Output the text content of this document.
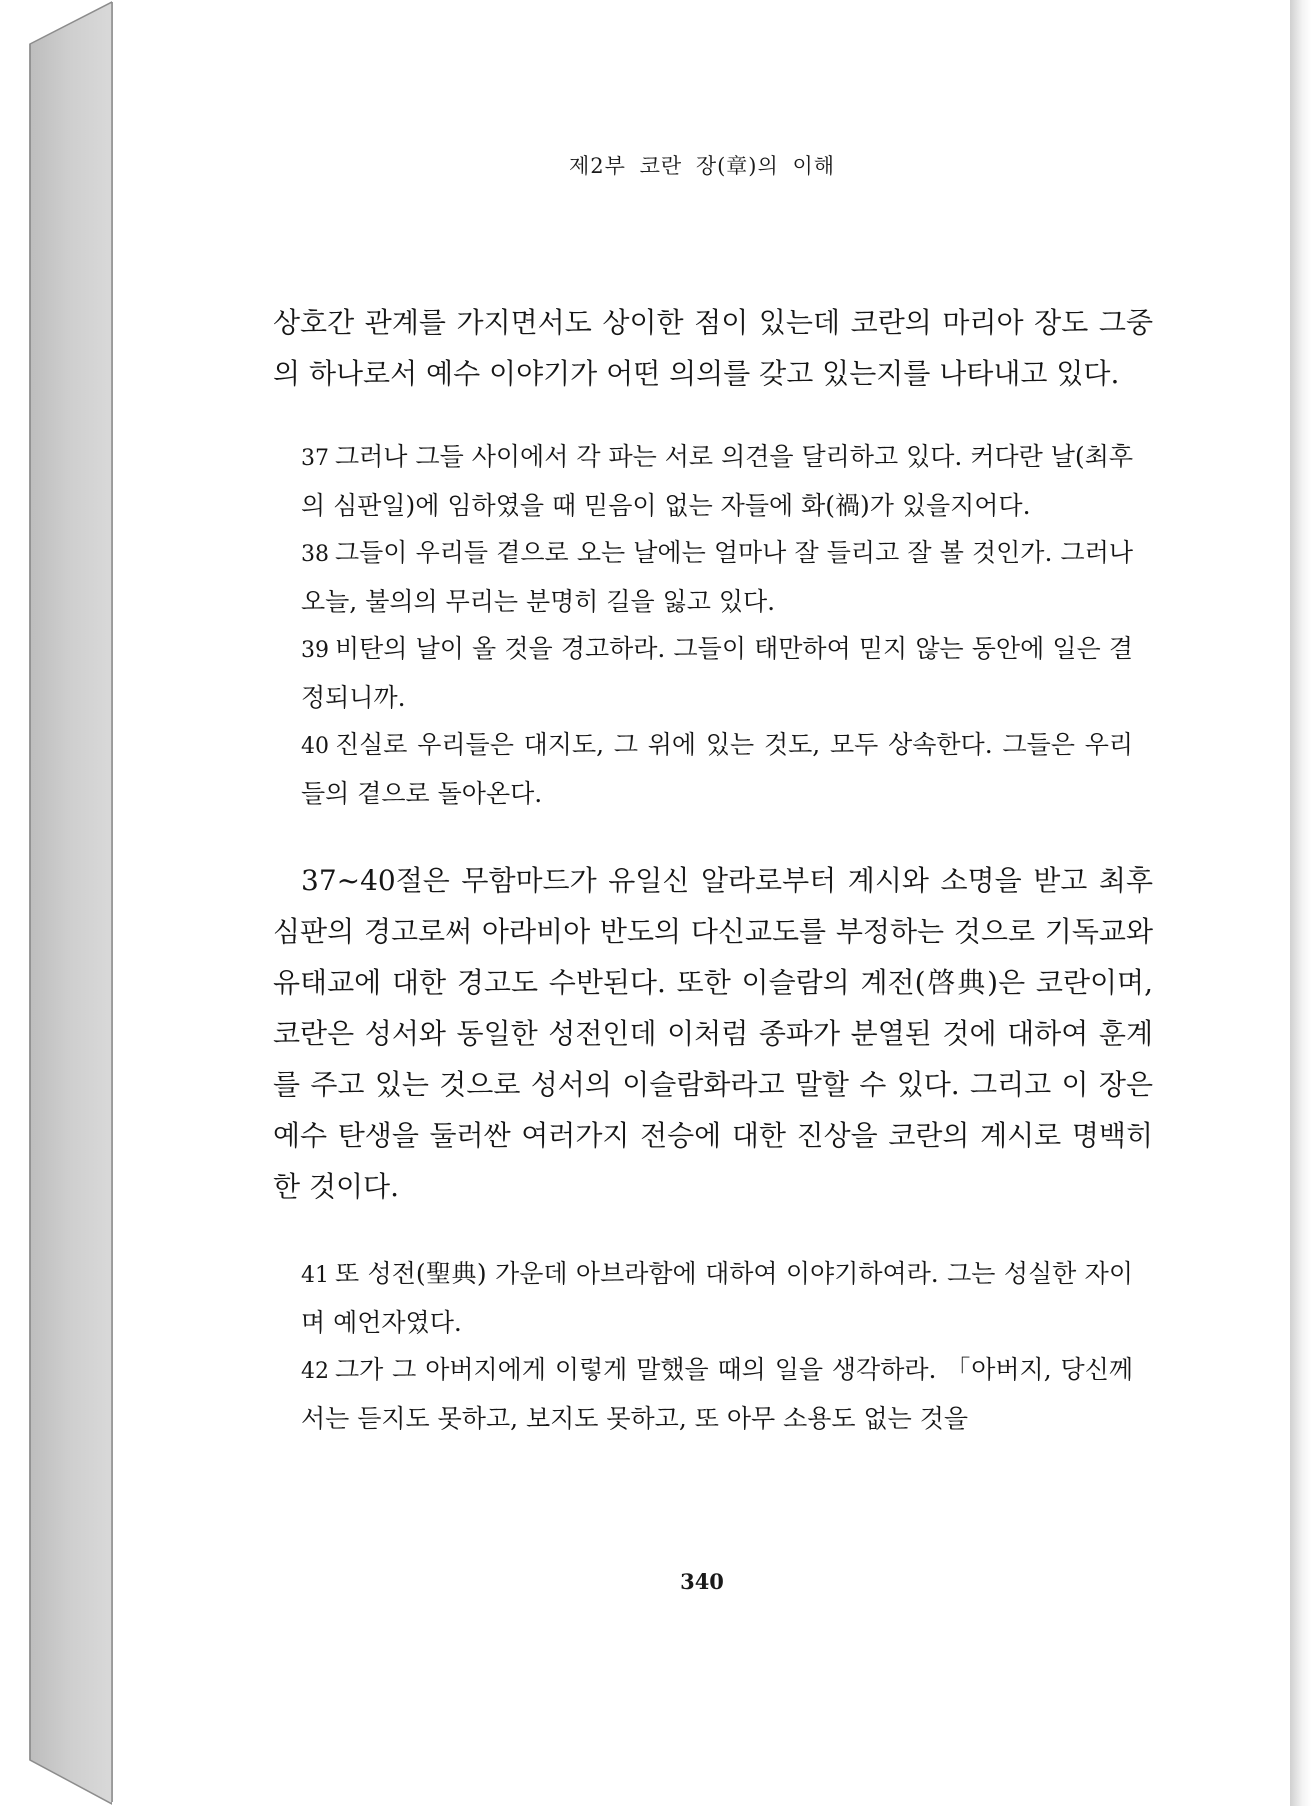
제2부 코란 장(章)의 이해

상호간 관계를 가지면서도 상이한 점이 있는데 코란의 마리아 장도 그중의 하나로서 예수 이야기가 어떤 의의를 갖고 있는지를 나타내고 있다.

37 그러나 그들 사이에서 각 파는 서로 의견을 달리하고 있다. 커다란 날(최후의 심판일)에 임하였을 때 믿음이 없는 자들에 화(禍)가 있을지어다.

38 그들이 우리들 곁으로 오는 날에는 얼마나 잘 들리고 잘 볼 것인가. 그러나 오늘, 불의의 무리는 분명히 길을 잃고 있다.

39 비탄의 날이 올 것을 경고하라. 그들이 태만하여 믿지 않는 동안에 일은 결정되니까.

40 진실로 우리들은 대지도, 그 위에 있는 것도, 모두 상속한다. 그들은 우리들의 곁으로 돌아온다.

37~40절은 무함마드가 유일신 알라로부터 계시와 소명을 받고 최후 심판의 경고로써 아라비아 반도의 다신교도를 부정하는 것으로 기독교와 유태교에 대한 경고도 수반된다. 또한 이슬람의 계전(啓典)은 코란이며, 코란은 성서와 동일한 성전인데 이처럼 종파가 분열된 것에 대하여 훈계를 주고 있는 것으로 성서의 이슬람화라고 말할 수 있다. 그리고 이 장은 예수 탄생을 둘러싼 여러가지 전승에 대한 진상을 코란의 계시로 명백히 한 것이다.

41 또 성전(聖典) 가운데 아브라함에 대하여 이야기하여라. 그는 성실한 자이며 예언자였다.

42 그가 그 아버지에게 이렇게 말했을 때의 일을 생각하라. 「아버지, 당신께서는 듣지도 못하고, 보지도 못하고, 또 아무 소용도 없는 것을

340
